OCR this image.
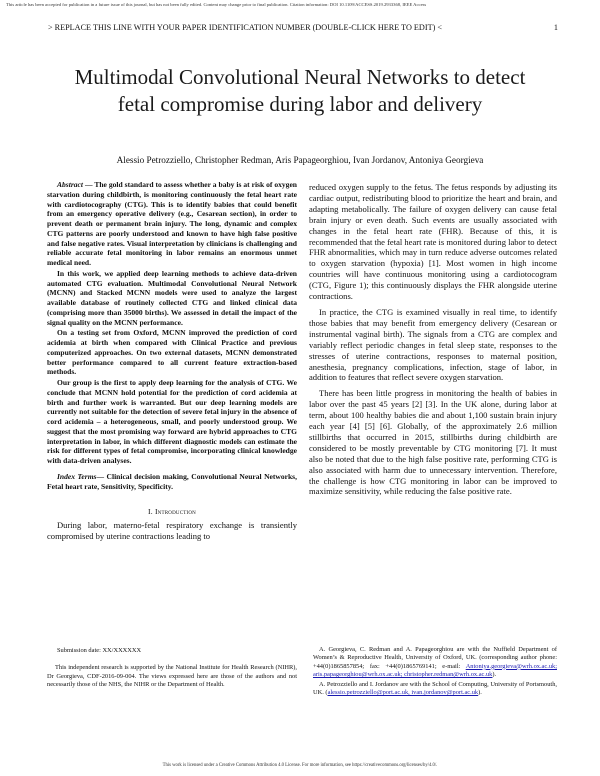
This article has been accepted for publication in a future issue of this journal, but has not been fully edited. Content may change prior to final publication. Citation information: DOI 10.1109/ACCESS.2019.2933368, IEEE Access
> REPLACE THIS LINE WITH YOUR PAPER IDENTIFICATION NUMBER (DOUBLE-CLICK HERE TO EDIT) <	1
Multimodal Convolutional Neural Networks to detect fetal compromise during labor and delivery
Alessio Petrozziello, Christopher Redman, Aris Papageorghiou, Ivan Jordanov, Antoniya Georgieva

Abstract — The gold standard to assess whether a baby is at risk of oxygen starvation during childbirth, is monitoring continuously the fetal heart rate with cardiotocography (CTG). This is to identify babies that could benefit from an emergency operative delivery (e.g., Cesarean section), in order to prevent death or permanent brain injury. The long, dynamic and complex CTG patterns are poorly understood and known to have high false positive and false negative rates. Visual interpretation by clinicians is challenging and reliable accurate fetal monitoring in labor remains an enormous unmet medical need.

In this work, we applied deep learning methods to achieve data-driven automated CTG evaluation. Multimodal Convolutional Neural Network (MCNN) and Stacked MCNN models were used to analyze the largest available database of routinely collected CTG and linked clinical data (comprising more than 35000 births). We assessed in detail the impact of the signal quality on the MCNN performance.

On a testing set from Oxford, MCNN improved the prediction of cord acidemia at birth when compared with Clinical Practice and previous computerized approaches. On two external datasets, MCNN demonstrated better performance compared to all current feature extraction-based methods.

Our group is the first to apply deep learning for the analysis of CTG. We conclude that MCNN hold potential for the prediction of cord acidemia at birth and further work is warranted. But our deep learning models are currently not suitable for the detection of severe fetal injury in the absence of cord acidemia – a heterogeneous, small, and poorly understood group. We suggest that the most promising way forward are hybrid approaches to CTG interpretation in labor, in which different diagnostic models can estimate the risk for different types of fetal compromise, incorporating clinical knowledge with data-driven analyses.

Index Terms— Clinical decision making, Convolutional Neural Networks, Fetal heart rate, Sensitivity, Specificity.

I. Introduction

During labor, materno-fetal respiratory exchange is transiently compromised by uterine contractions leading to

reduced oxygen supply to the fetus. The fetus responds by adjusting its cardiac output, redistributing blood to prioritize the heart and brain, and adapting metabolically. The failure of oxygen delivery can cause fetal brain injury or even death. Such events are usually associated with changes in the fetal heart rate (FHR). Because of this, it is recommended that the fetal heart rate is monitored during labor to detect FHR abnormalities, which may in turn reduce adverse outcomes related to oxygen starvation (hypoxia) [1]. Most women in high income countries will have continuous monitoring using a cardiotocogram (CTG, Figure 1); this continuously displays the FHR alongside uterine contractions.

In practice, the CTG is examined visually in real time, to identify those babies that may benefit from emergency delivery (Cesarean or instrumental vaginal birth). The signals from a CTG are complex and variably reflect periodic changes in fetal sleep state, responses to the stresses of uterine contractions, responses to maternal position, anesthesia, pregnancy complications, infection, stage of labor, in addition to features that reflect severe oxygen starvation.

There has been little progress in monitoring the health of babies in labor over the past 45 years [2] [3]. In the UK alone, during labor at term, about 100 healthy babies die and about 1,100 sustain brain injury each year [4] [5] [6]. Globally, of the approximately 2.6 million stillbirths that occurred in 2015, stillbirths during childbirth are considered to be mostly preventable by CTG monitoring [7]. It must also be noted that due to the high false positive rate, performing CTG is also associated with harm due to unnecessary intervention. Therefore, the challenge is how CTG monitoring in labor can be improved to maximize sensitivity, while reducing the false positive rate.

Submission date: XX/XXXXXX

This independent research is supported by the National Institute for Health Research (NIHR), Dr Georgieva, CDF-2016-09-004. The views expressed here are those of the authors and not necessarily those of the NHS, the NIHR or the Department of Health.

A. Georgieva, C. Redman and A. Papageorghiou are with the Nuffield Department of Women’s & Reproductive Health, University of Oxford, UK. (corresponding author phone: +44(0)1865857854; fax: +44(0)1865769141; e-mail: Antoniya.georgieva@wrh.ox.ac.uk; aris.papageorghiou@wrh.ox.ac.uk; christopher.redman@wrh.ox.ac.uk).

A. Petrozziello and I. Jordanov are with the School of Computing, University of Portsmouth, UK. (alessio.petrozziello@port.ac.uk, ivan.jordanov@port.ac.uk).

This work is licensed under a Creative Commons Attribution 4.0 License. For more information, see https://creativecommons.org/licenses/by/4.0/.
